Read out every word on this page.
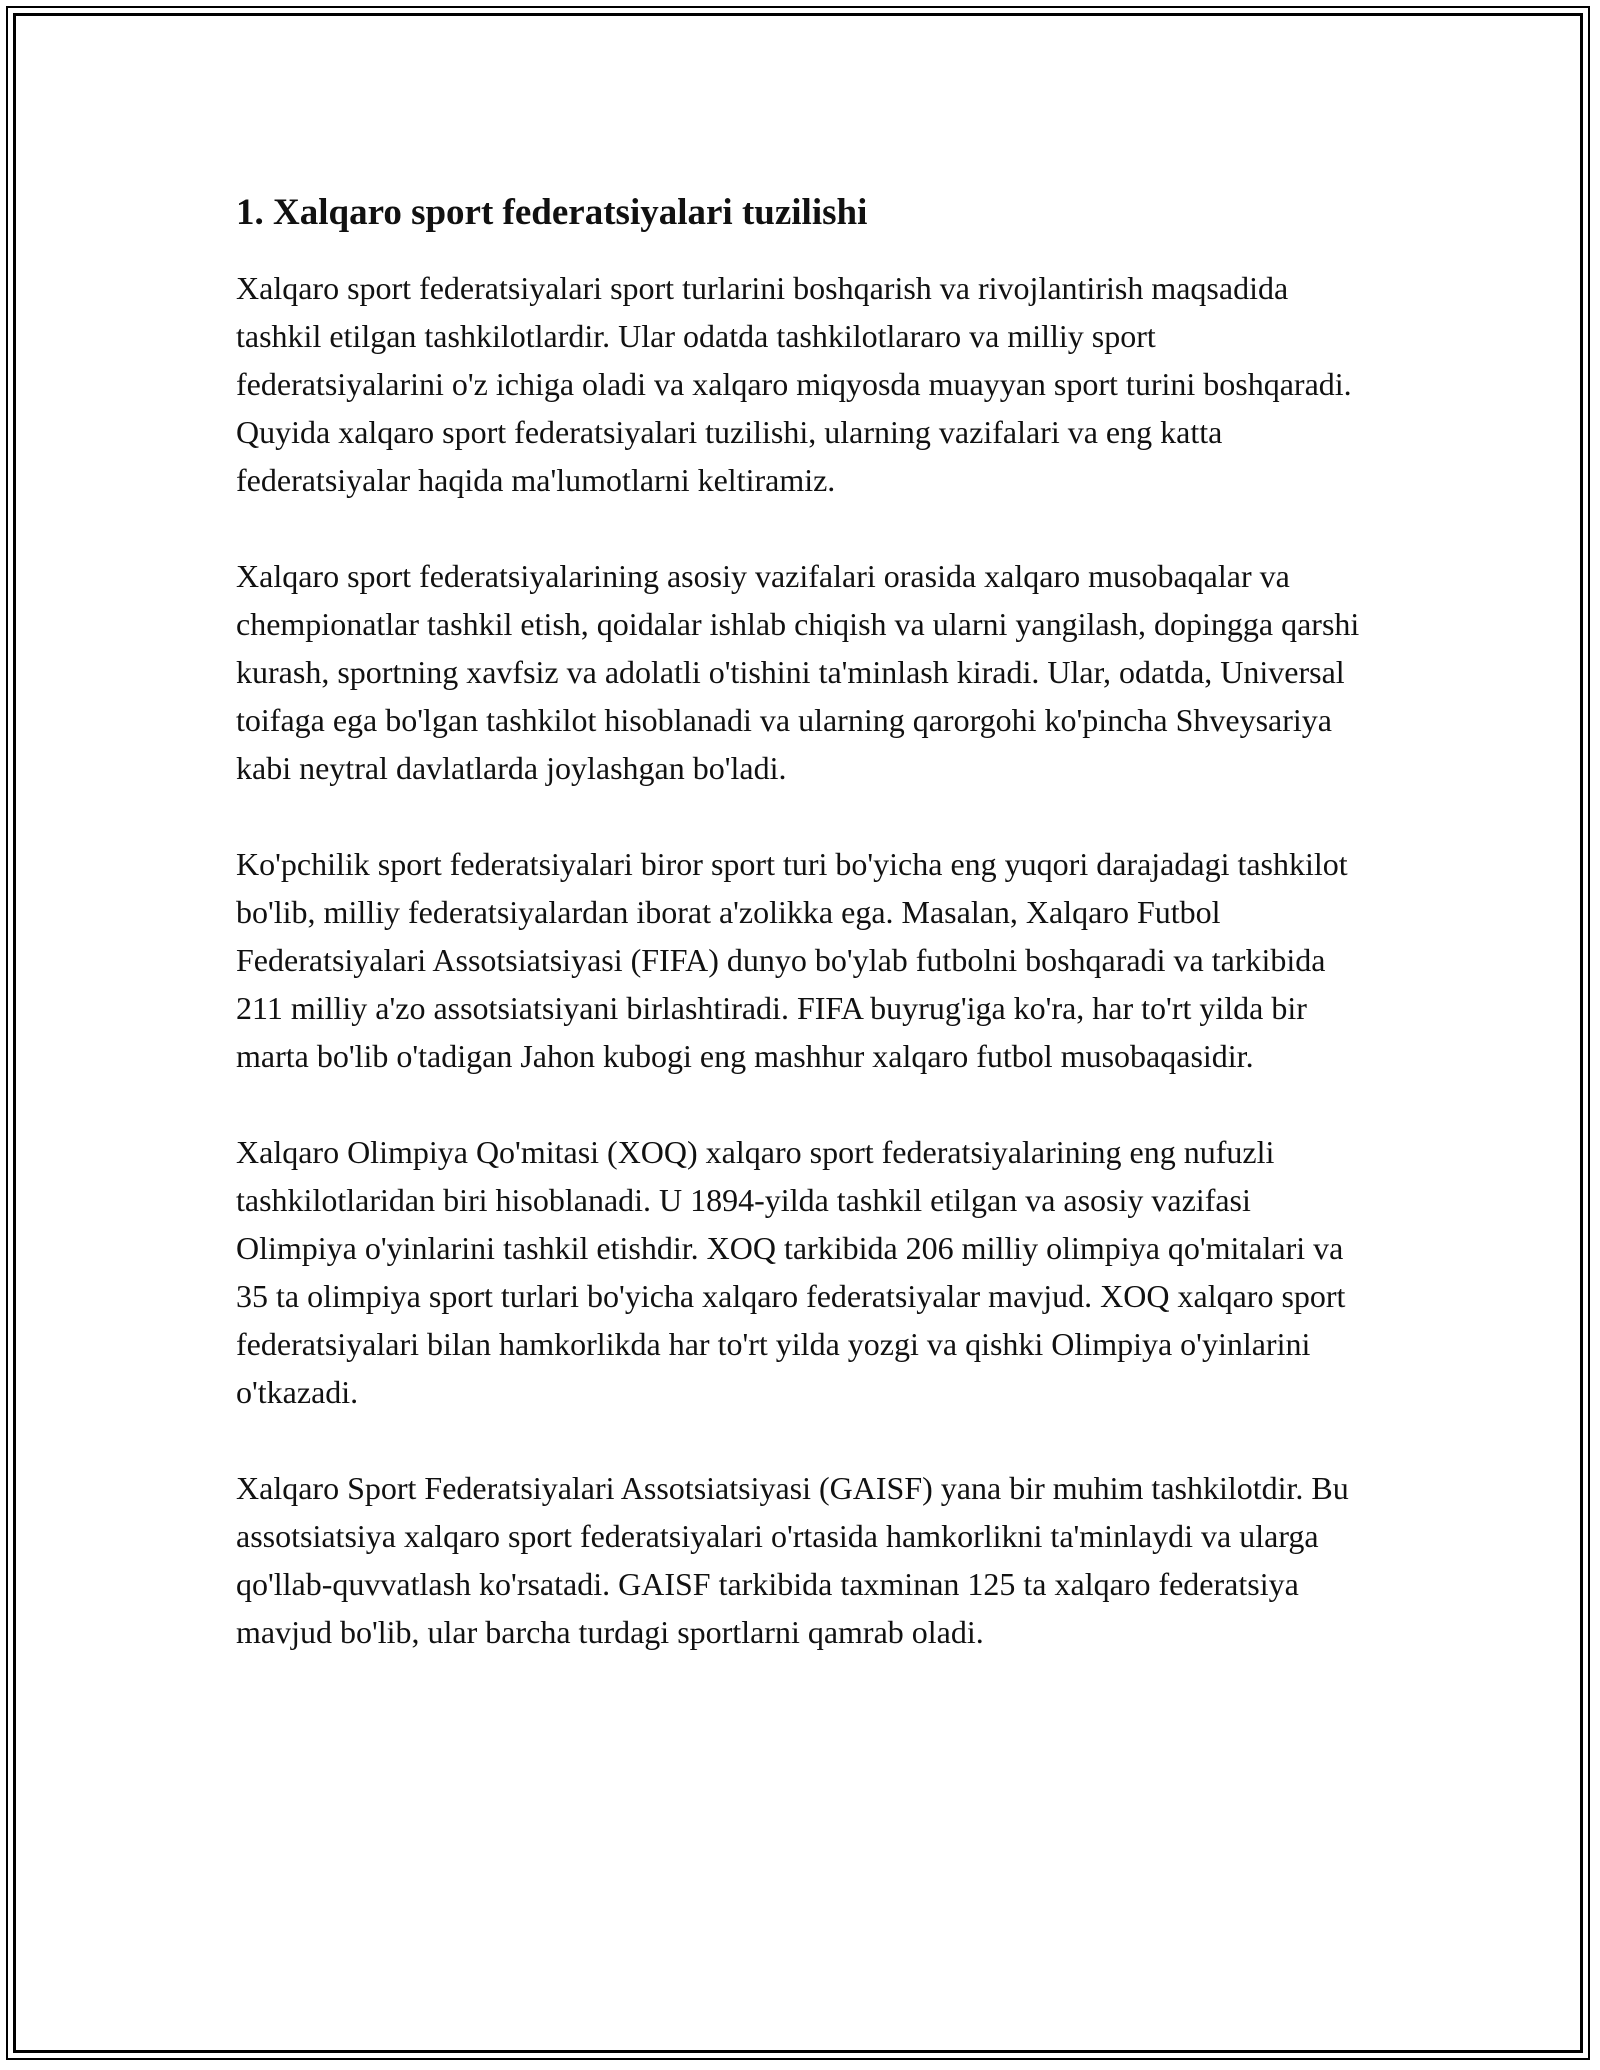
1. Xalqaro sport federatsiyalari tuzilishi

Xalqaro sport federatsiyalari sport turlarini boshqarish va rivojlantirish maqsadida tashkil etilgan tashkilotlardir. Ular odatda tashkilotlararo va milliy sport federatsiyalarini o'z ichiga oladi va xalqaro miqyosda muayyan sport turini boshqaradi. Quyida xalqaro sport federatsiyalari tuzilishi, ularning vazifalari va eng katta federatsiyalar haqida ma'lumotlarni keltiramiz.

Xalqaro sport federatsiyalarining asosiy vazifalari orasida xalqaro musobaqalar va chempionatlar tashkil etish, qoidalar ishlab chiqish va ularni yangilash, dopingga qarshi kurash, sportning xavfsiz va adolatli o'tishini ta'minlash kiradi. Ular, odatda, Universal toifaga ega bo'lgan tashkilot hisoblanadi va ularning qarorgohi ko'pincha Shveysariya kabi neytral davlatlarda joylashgan bo'ladi.

Ko'pchilik sport federatsiyalari biror sport turi bo'yicha eng yuqori darajadagi tashkilot bo'lib, milliy federatsiyalardan iborat a'zolikka ega. Masalan, Xalqaro Futbol Federatsiyalari Assotsiatsiyasi (FIFA) dunyo bo'ylab futbolni boshqaradi va tarkibida 211 milliy a'zo assotsiatsiyani birlashtiradi. FIFA buyrug'iga ko'ra, har to'rt yilda bir marta bo'lib o'tadigan Jahon kubogi eng mashhur xalqaro futbol musobaqasidir.

Xalqaro Olimpiya Qo'mitasi (XOQ) xalqaro sport federatsiyalarining eng nufuzli tashkilotlaridan biri hisoblanadi. U 1894-yilda tashkil etilgan va asosiy vazifasi Olimpiya o'yinlarini tashkil etishdir. XOQ tarkibida 206 milliy olimpiya qo'mitalari va 35 ta olimpiya sport turlari bo'yicha xalqaro federatsiyalar mavjud. XOQ xalqaro sport federatsiyalari bilan hamkorlikda har to'rt yilda yozgi va qishki Olimpiya o'yinlarini o'tkazadi.

Xalqaro Sport Federatsiyalari Assotsiatsiyasi (GAISF) yana bir muhim tashkilotdir. Bu assotsiatsiya xalqaro sport federatsiyalari o'rtasida hamkorlikni ta'minlaydi va ularga qo'llab-quvvatlash ko'rsatadi. GAISF tarkibida taxminan 125 ta xalqaro federatsiya mavjud bo'lib, ular barcha turdagi sportlarni qamrab oladi.
